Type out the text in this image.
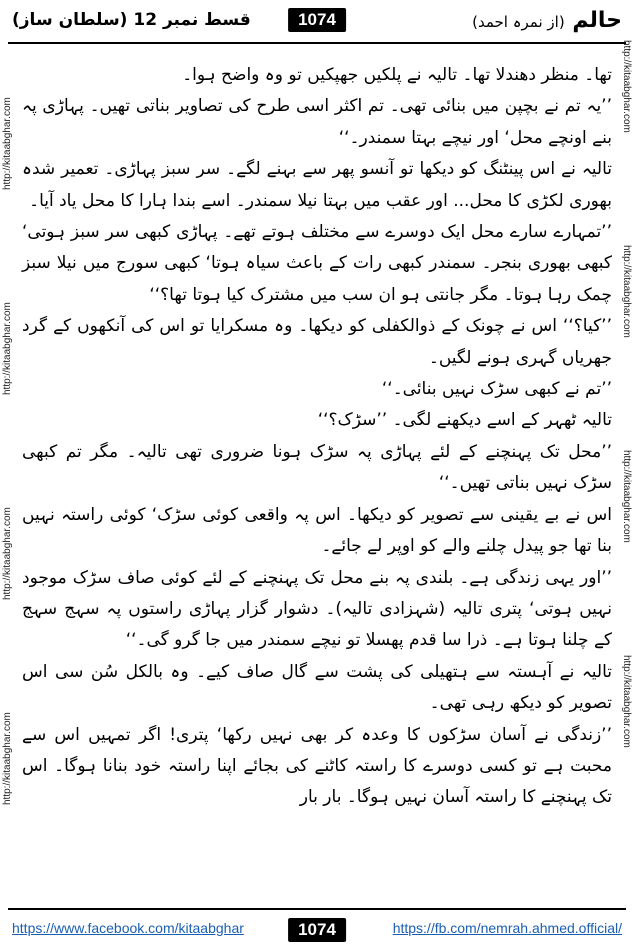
حالم (از نمرہ احمد)
1074
قسط نمبر 12 (سلطان ساز)
http://kitaabghar.com
http://kitaabghar.com
http://kitaabghar.com
http://kitaabghar.com
http://kitaabghar.com
http://kitaabghar.com
http://kitaabghar.com
http://kitaabghar.com

تھا۔ منظر دھندلا تھا۔ تالیہ نے پلکیں جھپکیں تو وہ واضح ہوا۔

’’یہ تم نے بچپن میں بنائی تھی۔ تم اکثر اسی طرح کی تصاویر بناتی تھیں۔ پہاڑی پہ بنے اونچے محل‘ اور نیچے بہتا سمندر۔‘‘

تالیہ نے اس پینٹنگ کو دیکھا تو آنسو پھر سے بہنے لگے۔ سر سبز پہاڑی۔ تعمیر شدہ بھوری لکڑی کا محل... اور عقب میں بہتا نیلا سمندر۔ اسے بندا ہارا کا محل یاد آیا۔

’’تمہارے سارے محل ایک دوسرے سے مختلف ہوتے تھے۔ پہاڑی کبھی سر سبز ہوتی‘ کبھی بھوری بنجر۔ سمندر کبھی رات کے باعث سیاہ ہوتا‘ کبھی سورج میں نیلا سبز چمک رہا ہوتا۔ مگر جانتی ہو ان سب میں مشترک کیا ہوتا تھا؟‘‘

’’کیا؟‘‘ اس نے چونک کے ذوالکفلی کو دیکھا۔ وہ مسکرایا تو اس کی آنکھوں کے گرد جھریاں گہری ہونے لگیں۔

’’تم نے کبھی سڑک نہیں بنائی۔‘‘

تالیہ ٹھہر کے اسے دیکھنے لگی۔ ’’سڑک؟‘‘

’’محل تک پہنچنے کے لئے پہاڑی پہ سڑک ہونا ضروری تھی تالیہ۔ مگر تم کبھی سڑک نہیں بناتی تھیں۔‘‘

اس نے بے یقینی سے تصویر کو دیکھا۔ اس پہ واقعی کوئی سڑک‘ کوئی راستہ نہیں بنا تھا جو پیدل چلنے والے کو اوپر لے جائے۔

’’اور یہی زندگی ہے۔ بلندی پہ بنے محل تک پہنچنے کے لئے کوئی صاف سڑک موجود نہیں ہوتی‘ پتری تالیہ (شہزادی تالیہ)۔ دشوار گزار پہاڑی راستوں پہ سہج سہج کے چلنا ہوتا ہے۔ ذرا سا قدم پھسلا تو نیچے سمندر میں جا گرو گی۔‘‘

تالیہ نے آہستہ سے ہتھیلی کی پشت سے گال صاف کیے۔ وہ بالکل سُن سی اس تصویر کو دیکھ رہی تھی۔

’’زندگی نے آسان سڑکوں کا وعدہ کر بھی نہیں رکھا‘ پتری! اگر تمہیں اس سے محبت ہے تو کسی دوسرے کا راستہ کاٹنے کی بجائے اپنا راستہ خود بنانا ہوگا۔ اس تک پہنچنے کا راستہ آسان نہیں ہوگا۔ بار بار

https://www.facebook.com/kitaabghar	1074	https://fb.com/nemrah.ahmed.official/
